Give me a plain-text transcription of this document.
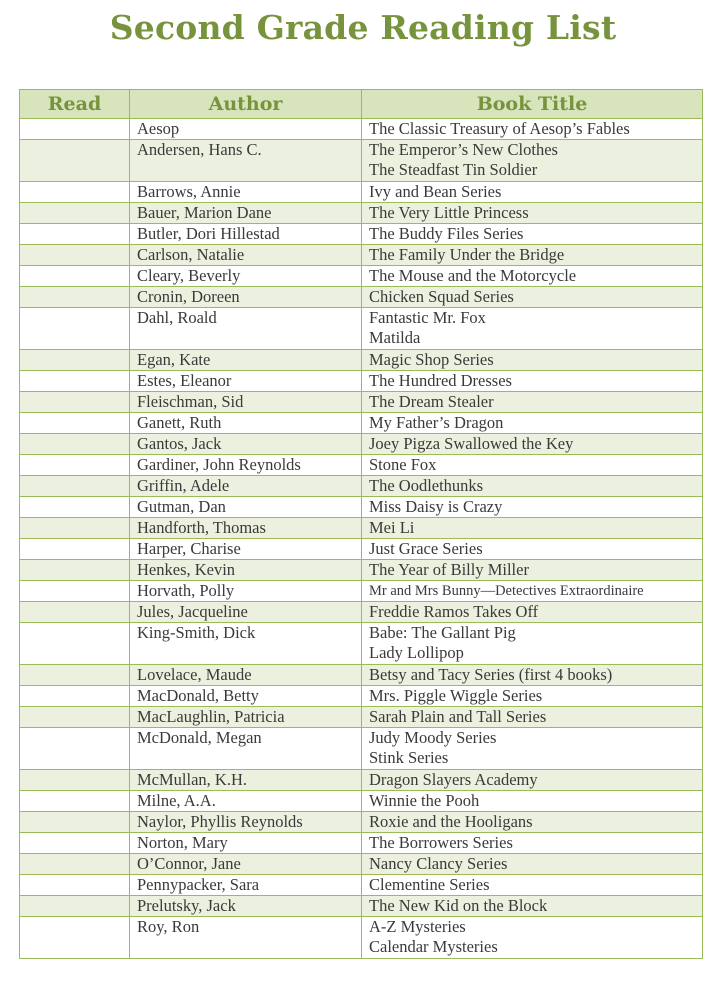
Second Grade Reading List
Read	Author	Book Title
	Aesop	The Classic Treasury of Aesop’s Fables

	Andersen, Hans C.	The Emperor’s New Clothes
The Steadfast Tin Soldier

	Barrows, Annie	Ivy and Bean Series

	Bauer, Marion Dane	The Very Little Princess

	Butler, Dori Hillestad	The Buddy Files Series

	Carlson, Natalie	The Family Under the Bridge

	Cleary, Beverly	The Mouse and the Motorcycle

	Cronin, Doreen	Chicken Squad Series

	Dahl, Roald	Fantastic Mr. Fox
Matilda

	Egan, Kate	Magic Shop Series

	Estes, Eleanor	The Hundred Dresses

	Fleischman, Sid	The Dream Stealer

	Ganett, Ruth	My Father’s Dragon

	Gantos, Jack	Joey Pigza Swallowed the Key

	Gardiner, John Reynolds	Stone Fox

	Griffin, Adele	The Oodlethunks

	Gutman, Dan	Miss Daisy is Crazy

	Handforth, Thomas	Mei Li

	Harper, Charise	Just Grace Series

	Henkes, Kevin	The Year of Billy Miller

	Horvath, Polly	Mr and Mrs Bunny—Detectives Extraordinaire

	Jules, Jacqueline	Freddie Ramos Takes Off

	King-Smith, Dick	Babe: The Gallant Pig
Lady Lollipop

	Lovelace, Maude	Betsy and Tacy Series (first 4 books)

	MacDonald, Betty	Mrs. Piggle Wiggle Series

	MacLaughlin, Patricia	Sarah Plain and Tall Series

	McDonald, Megan	Judy Moody Series
Stink Series

	McMullan, K.H.	Dragon Slayers Academy

	Milne, A.A.	Winnie the Pooh

	Naylor, Phyllis Reynolds	Roxie and the Hooligans

	Norton, Mary	The Borrowers Series

	O’Connor, Jane	Nancy Clancy Series

	Pennypacker, Sara	Clementine Series

	Prelutsky, Jack	The New Kid on the Block

	Roy, Ron	A-Z Mysteries
Calendar Mysteries
